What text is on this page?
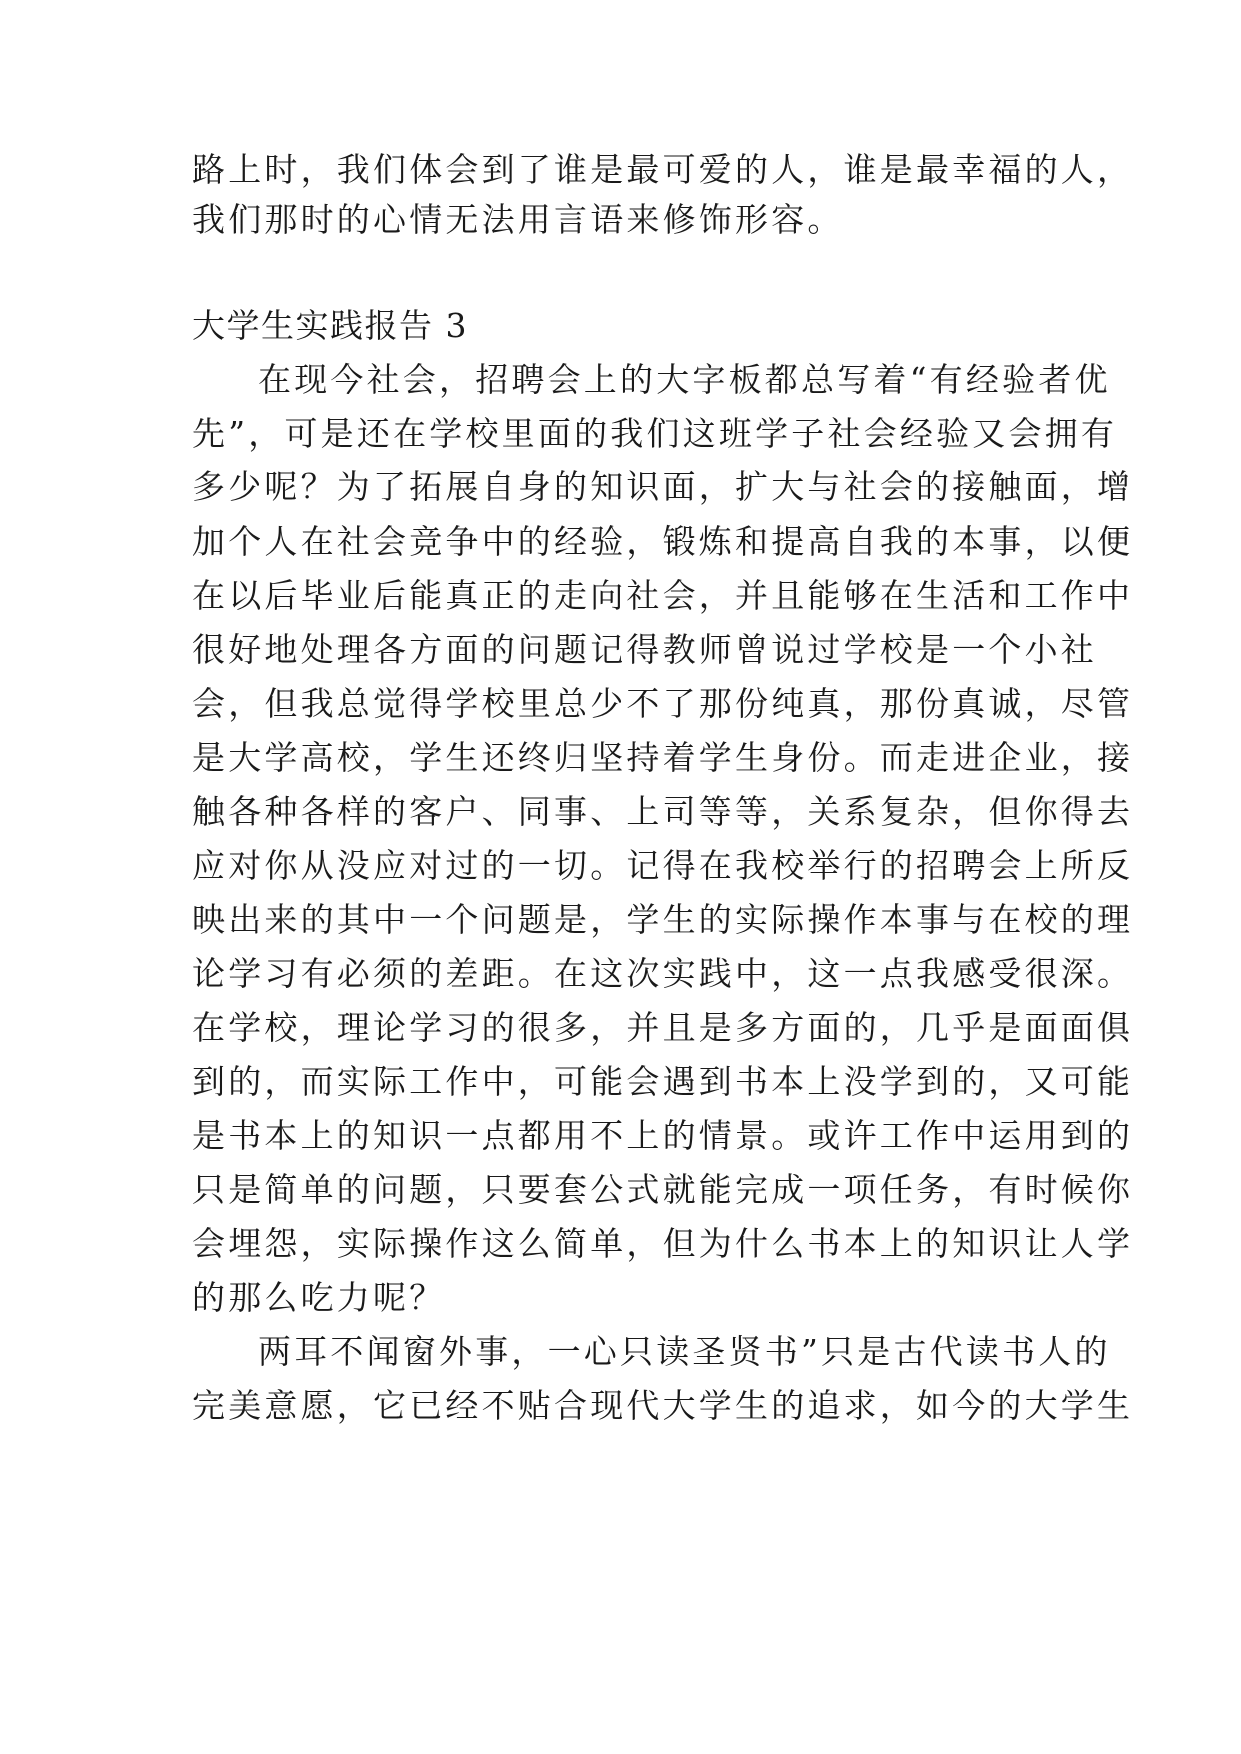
路上时，我们体会到了谁是最可爱的人，谁是最幸福的人，
我们那时的心情无法用言语来修饰形容。
大学生实践报告 3
在现今社会，招聘会上的大字板都总写着“有经验者优
先”，可是还在学校里面的我们这班学子社会经验又会拥有
多少呢？为了拓展自身的知识面，扩大与社会的接触面，增
加个人在社会竞争中的经验，锻炼和提高自我的本事，以便
在以后毕业后能真正的走向社会，并且能够在生活和工作中
很好地处理各方面的问题记得教师曾说过学校是一个小社
会，但我总觉得学校里总少不了那份纯真，那份真诚，尽管
是大学高校，学生还终归坚持着学生身份。而走进企业，接
触各种各样的客户、同事、上司等等，关系复杂，但你得去
应对你从没应对过的一切。记得在我校举行的招聘会上所反
映出来的其中一个问题是，学生的实际操作本事与在校的理
论学习有必须的差距。在这次实践中，这一点我感受很深。
在学校，理论学习的很多，并且是多方面的，几乎是面面俱
到的，而实际工作中，可能会遇到书本上没学到的，又可能
是书本上的知识一点都用不上的情景。或许工作中运用到的
只是简单的问题，只要套公式就能完成一项任务，有时候你
会埋怨，实际操作这么简单，但为什么书本上的知识让人学
的那么吃力呢？
两耳不闻窗外事，一心只读圣贤书”只是古代读书人的
完美意愿，它已经不贴合现代大学生的追求，如今的大学生
